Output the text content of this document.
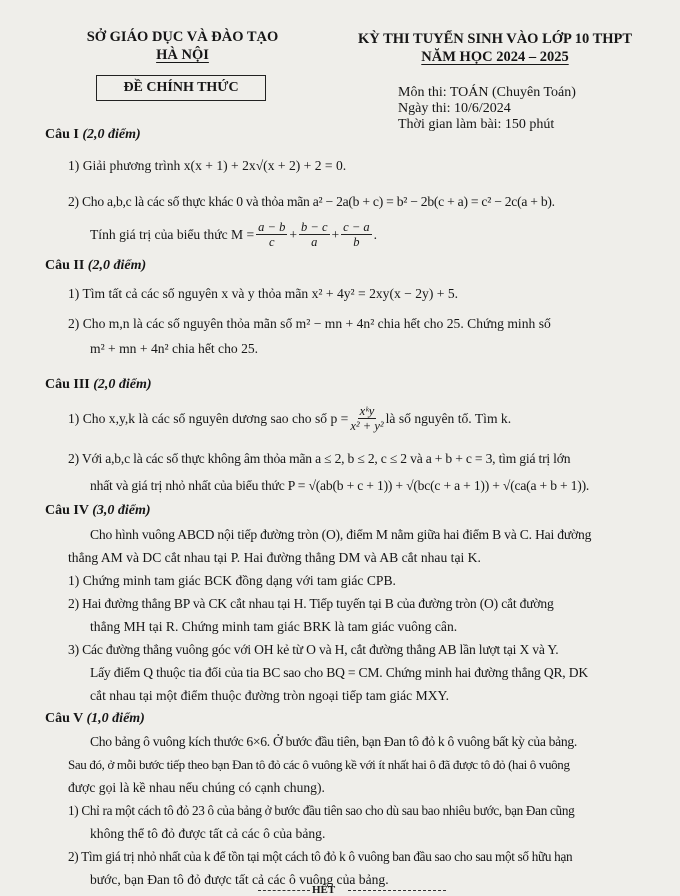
SỞ GIÁO DỤC VÀ ĐÀO TẠO
HÀ NỘI
KỲ THI TUYỂN SINH VÀO LỚP 10 THPT
NĂM HỌC 2024 – 2025
ĐỀ CHÍNH THỨC	Môn thi: TOÁN (Chuyên Toán)
Ngày thi: 10/6/2024
Thời gian làm bài: 150 phút
Câu I (2,0 điểm)
1) Giải phương trình x(x + 1) + 2x√(x + 2) + 2 = 0.
2) Cho a,b,c là các số thực khác 0 và thỏa mãn a² − 2a(b + c) = b² − 2b(c + a) = c² − 2c(a + b).
Tính giá trị của biểu thức $M = \frac{a - b}{c} + \frac{b - c}{a} + \frac{c - a}{b}$ .
Câu II (2,0 điểm)
1) Tìm tất cả các số nguyên x và y thỏa mãn x² + 4y² = 2xy(x − 2y) + 5.
2) Cho m,n là các số nguyên thỏa mãn số m² − mn + 4n² chia hết cho 25. Chứng minh số
m² + mn + 4n² chia hết cho 25.
Câu III (2,0 điểm)
1) Cho x,y,k là các số nguyên dương sao cho số $p = \frac{\text{xᵏy}}{\text{x² + y²}}$ là số nguyên tố. Tìm k.
2) Với a,b,c là các số thực không âm thỏa mãn a ≤ 2, b ≤ 2, c ≤ 2 và a + b + c = 3, tìm giá trị lớn
nhất và giá trị nhỏ nhất của biểu thức P = √(ab(b + c + 1)) + √(bc(c + a + 1)) + √(ca(a + b + 1)).
Câu IV (3,0 điểm)
Cho hình vuông ABCD nội tiếp đường tròn (O), điểm M nằm giữa hai điểm B và C. Hai đường
thẳng AM và DC cắt nhau tại P. Hai đường thẳng DM và AB cắt nhau tại K.
1) Chứng minh tam giác BCK đồng dạng với tam giác CPB.
2) Hai đường thẳng BP và CK cắt nhau tại H. Tiếp tuyến tại B của đường tròn (O) cắt đường
thẳng MH tại R. Chứng minh tam giác BRK là tam giác vuông cân.
3) Các đường thẳng vuông góc với OH kẻ từ O và H, cắt đường thẳng AB lần lượt tại X và Y.
Lấy điểm Q thuộc tia đối của tia BC sao cho BQ = CM. Chứng minh hai đường thẳng QR, DK
cắt nhau tại một điểm thuộc đường tròn ngoại tiếp tam giác MXY.
Câu V (1,0 điểm)
Cho bảng ô vuông kích thước 6×6. Ở bước đầu tiên, bạn Đan tô đỏ k ô vuông bất kỳ của bảng.
Sau đó, ở mỗi bước tiếp theo bạn Đan tô đỏ các ô vuông kề với ít nhất hai ô đã được tô đỏ (hai ô vuông
được gọi là kề nhau nếu chúng có cạnh chung).
1) Chỉ ra một cách tô đỏ 23 ô của bảng ở bước đầu tiên sao cho dù sau bao nhiêu bước, bạn Đan cũng
không thể tô đỏ được tất cả các ô của bảng.
2) Tìm giá trị nhỏ nhất của k để tồn tại một cách tô đỏ k ô vuông ban đầu sao cho sau một số hữu hạn
bước, bạn Đan tô đỏ được tất cả các ô vuông của bảng.
HẾT
